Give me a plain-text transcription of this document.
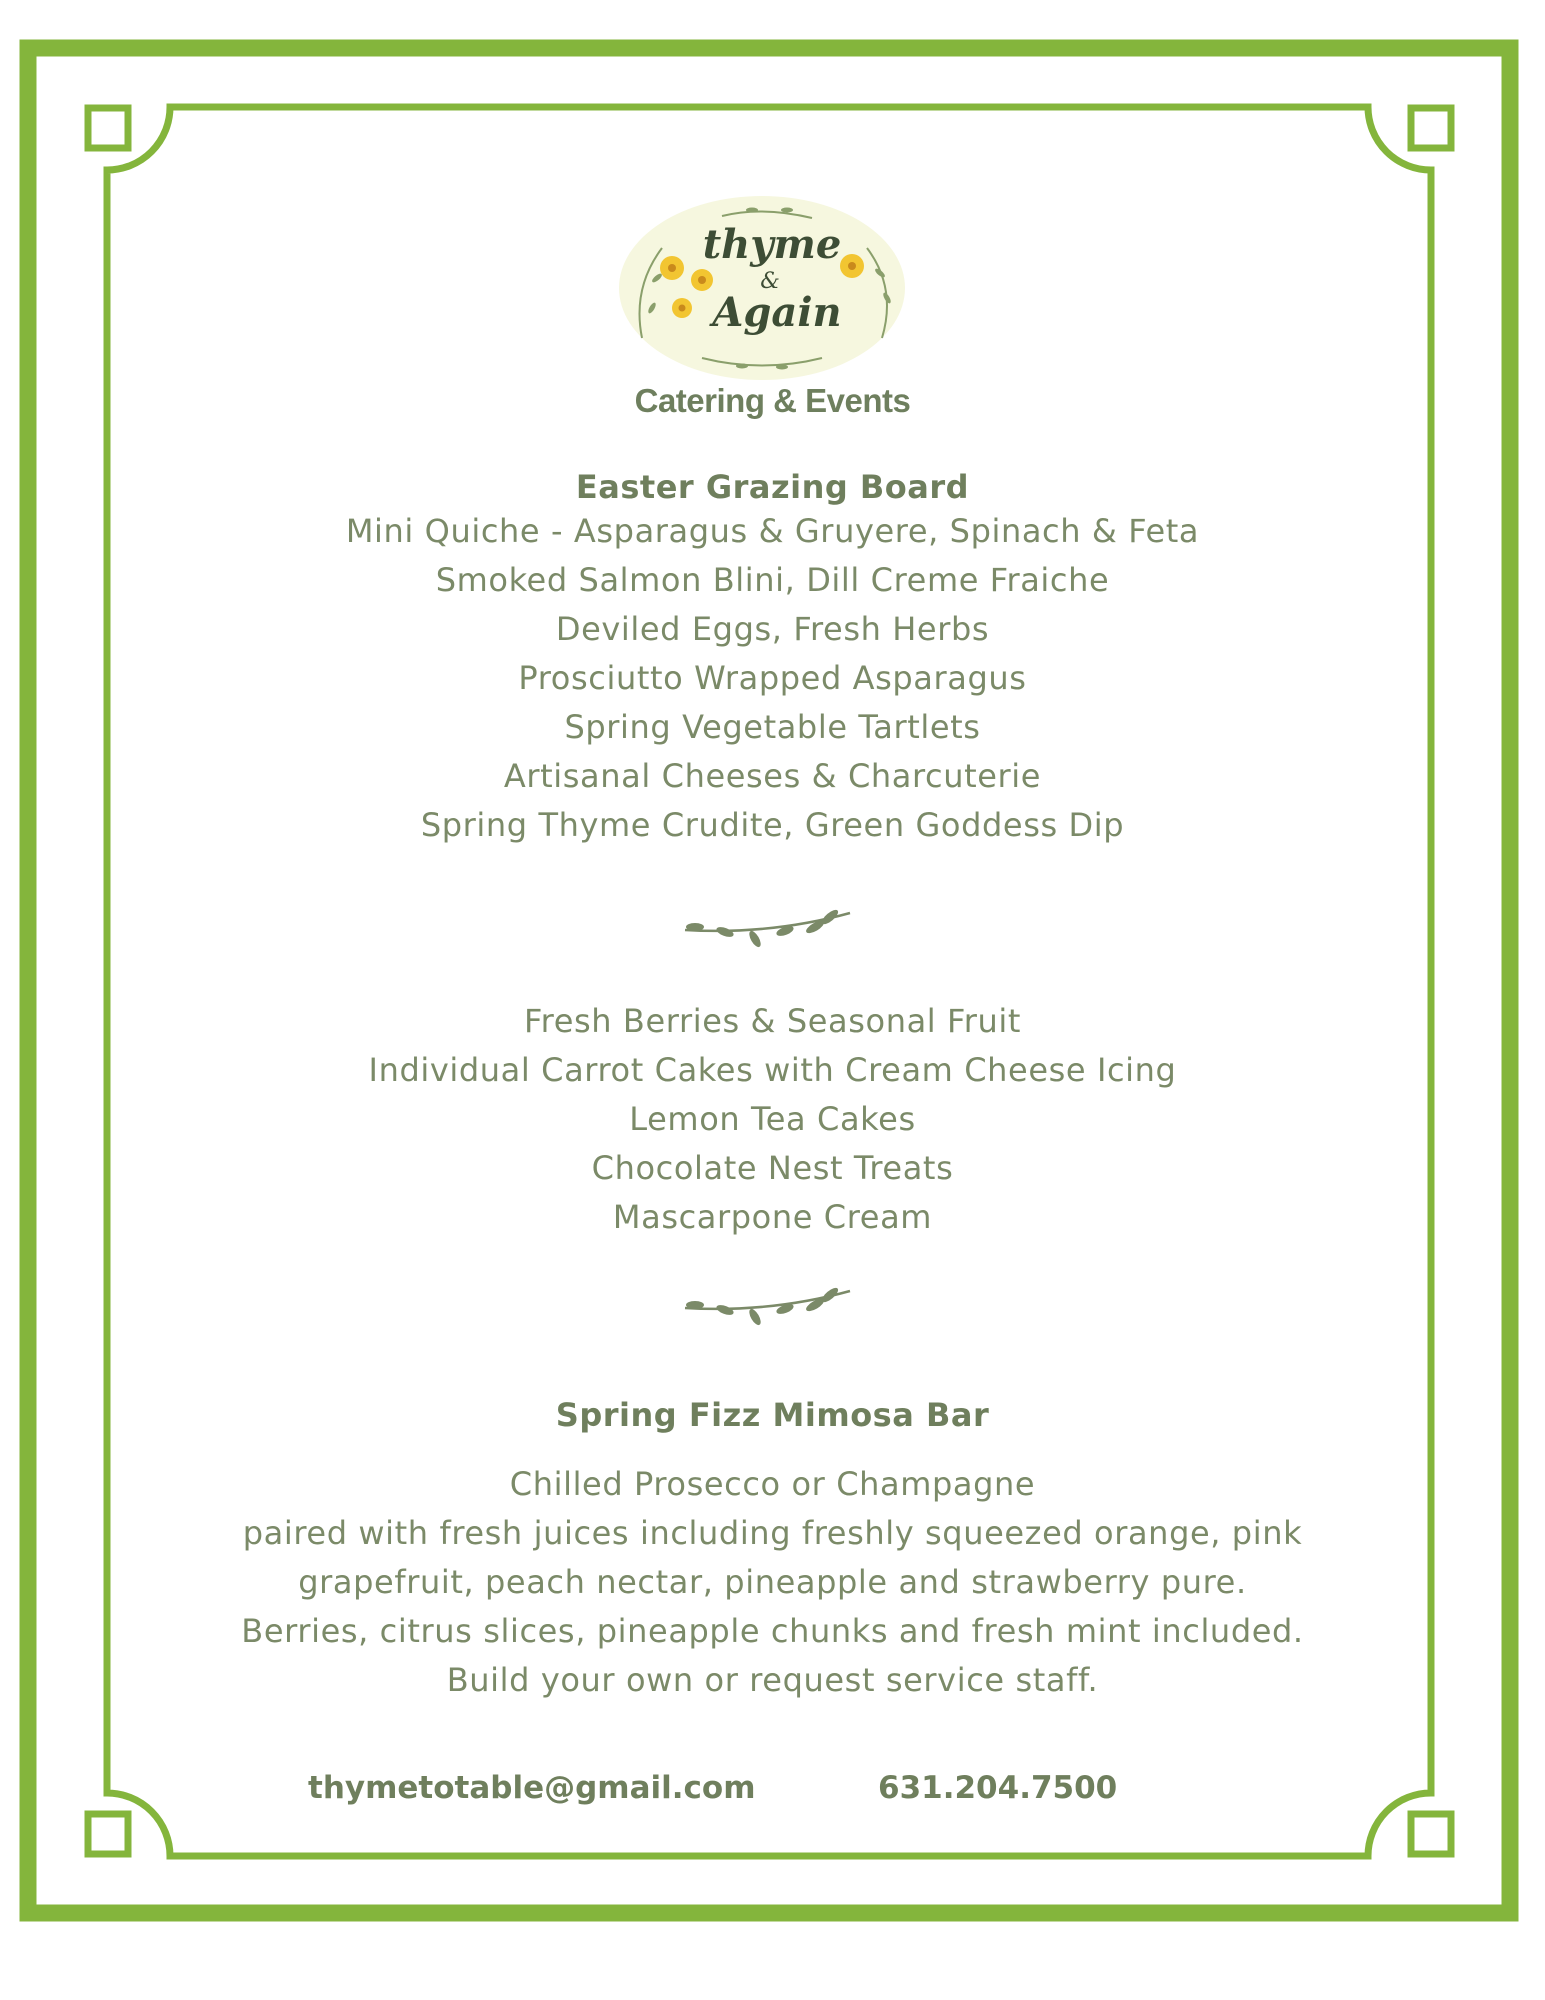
thyme
&
Again
Catering & Events
Easter Grazing Board
Mini Quiche - Asparagus & Gruyere, Spinach & Feta
Smoked Salmon Blini, Dill Creme Fraiche
Deviled Eggs, Fresh Herbs
Prosciutto Wrapped Asparagus
Spring Vegetable Tartlets
Artisanal Cheeses & Charcuterie
Spring Thyme Crudite, Green Goddess Dip
Fresh Berries & Seasonal Fruit
Individual Carrot Cakes with Cream Cheese Icing
Lemon Tea Cakes
Chocolate Nest Treats
Mascarpone Cream
Spring Fizz Mimosa Bar
Chilled Prosecco or Champagne
paired with fresh juices including freshly squeezed orange, pink
grapefruit, peach nectar, pineapple and strawberry pure.
Berries, citrus slices, pineapple chunks and fresh mint included.
Build your own or request service staff.
thymetotable@gmail.com	631.204.7500
